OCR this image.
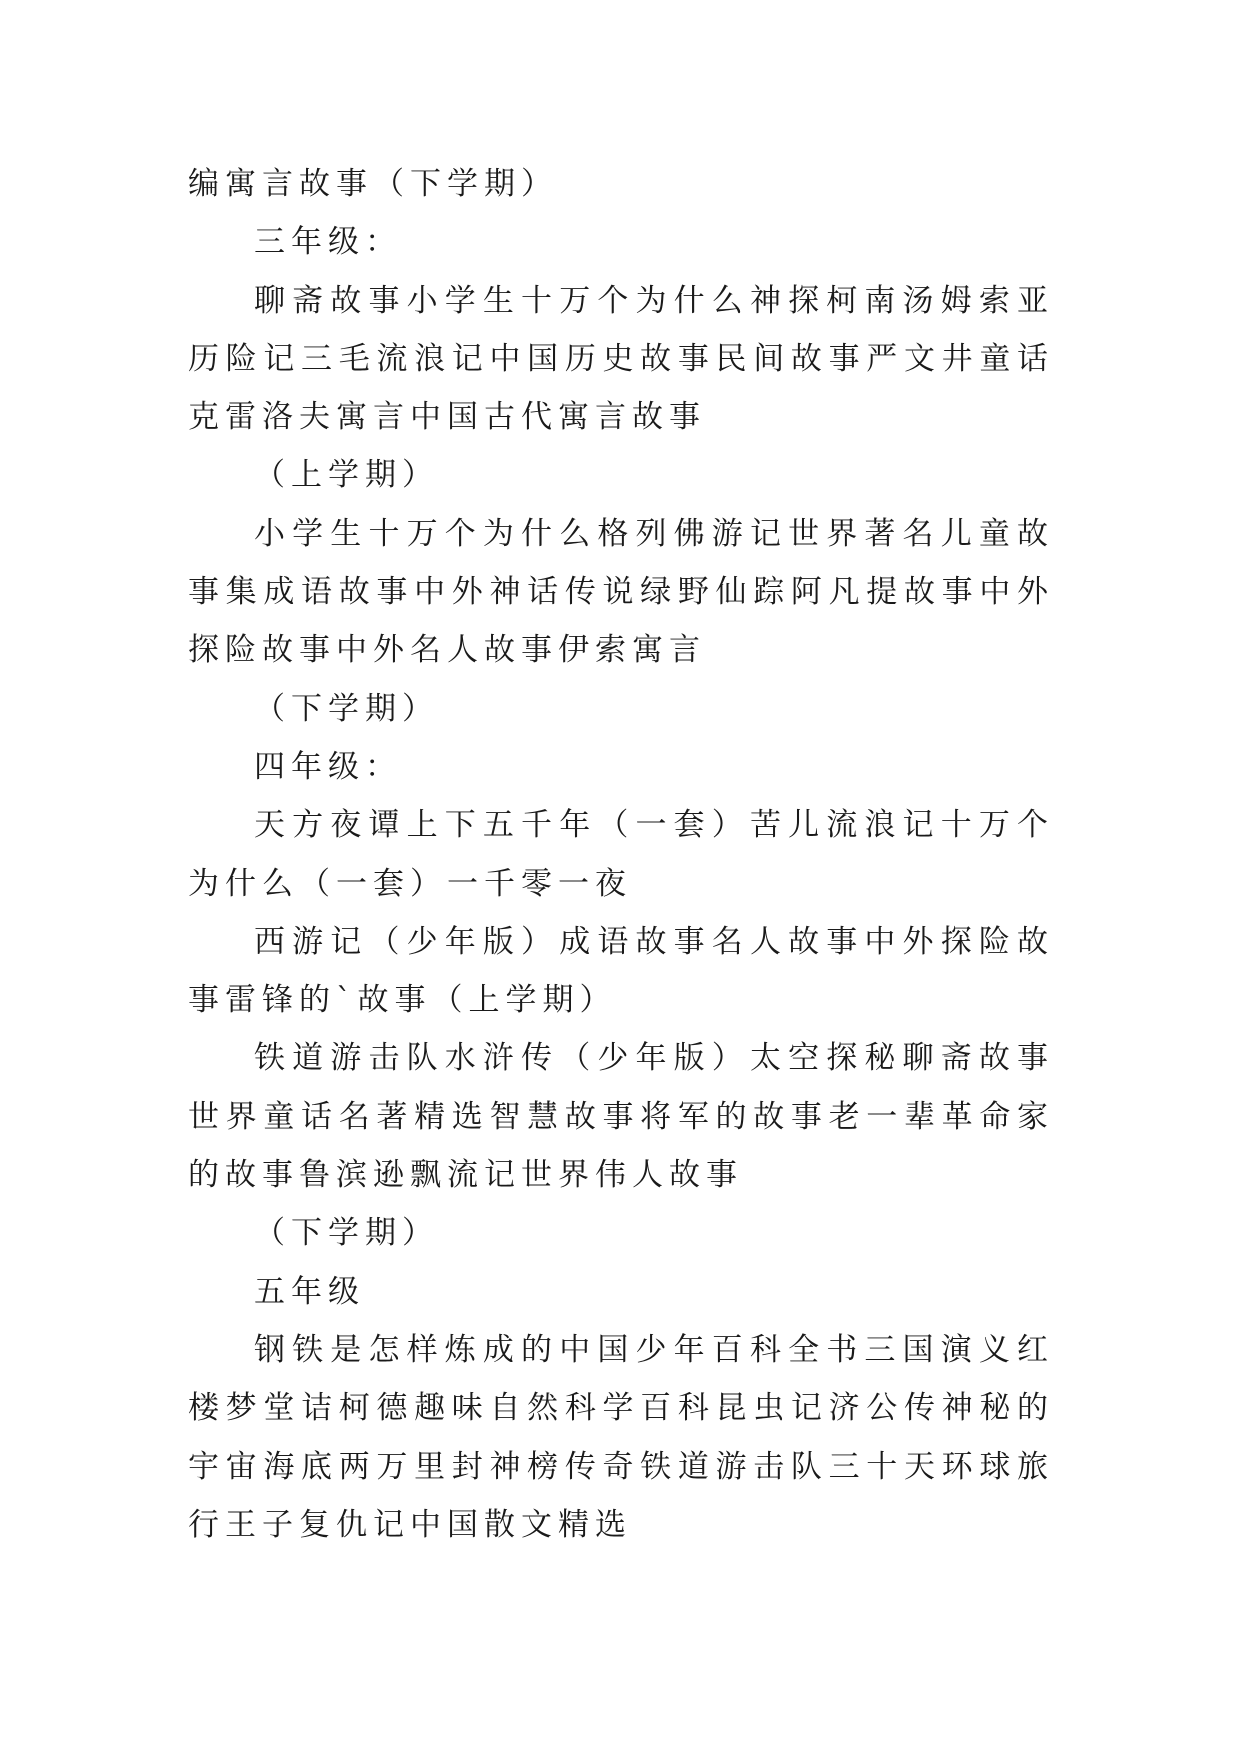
编寓言故事（下学期）

三年级：

聊斋故事小学生十万个为什么神探柯南汤姆索亚历险记三毛流浪记中国历史故事民间故事严文井童话克雷洛夫寓言中国古代寓言故事

（上学期）

小学生十万个为什么格列佛游记世界著名儿童故事集成语故事中外神话传说绿野仙踪阿凡提故事中外探险故事中外名人故事伊索寓言

（下学期）

四年级：

天方夜谭上下五千年（一套）苦儿流浪记十万个为什么（一套）一千零一夜

西游记（少年版）成语故事名人故事中外探险故事雷锋的`故事（上学期）

铁道游击队水浒传（少年版）太空探秘聊斋故事世界童话名著精选智慧故事将军的故事老一辈革命家的故事鲁滨逊飘流记世界伟人故事

（下学期）

五年级

钢铁是怎样炼成的中国少年百科全书三国演义红楼梦堂诘柯德趣味自然科学百科昆虫记济公传神秘的宇宙海底两万里封神榜传奇铁道游击队三十天环球旅行王子复仇记中国散文精选
